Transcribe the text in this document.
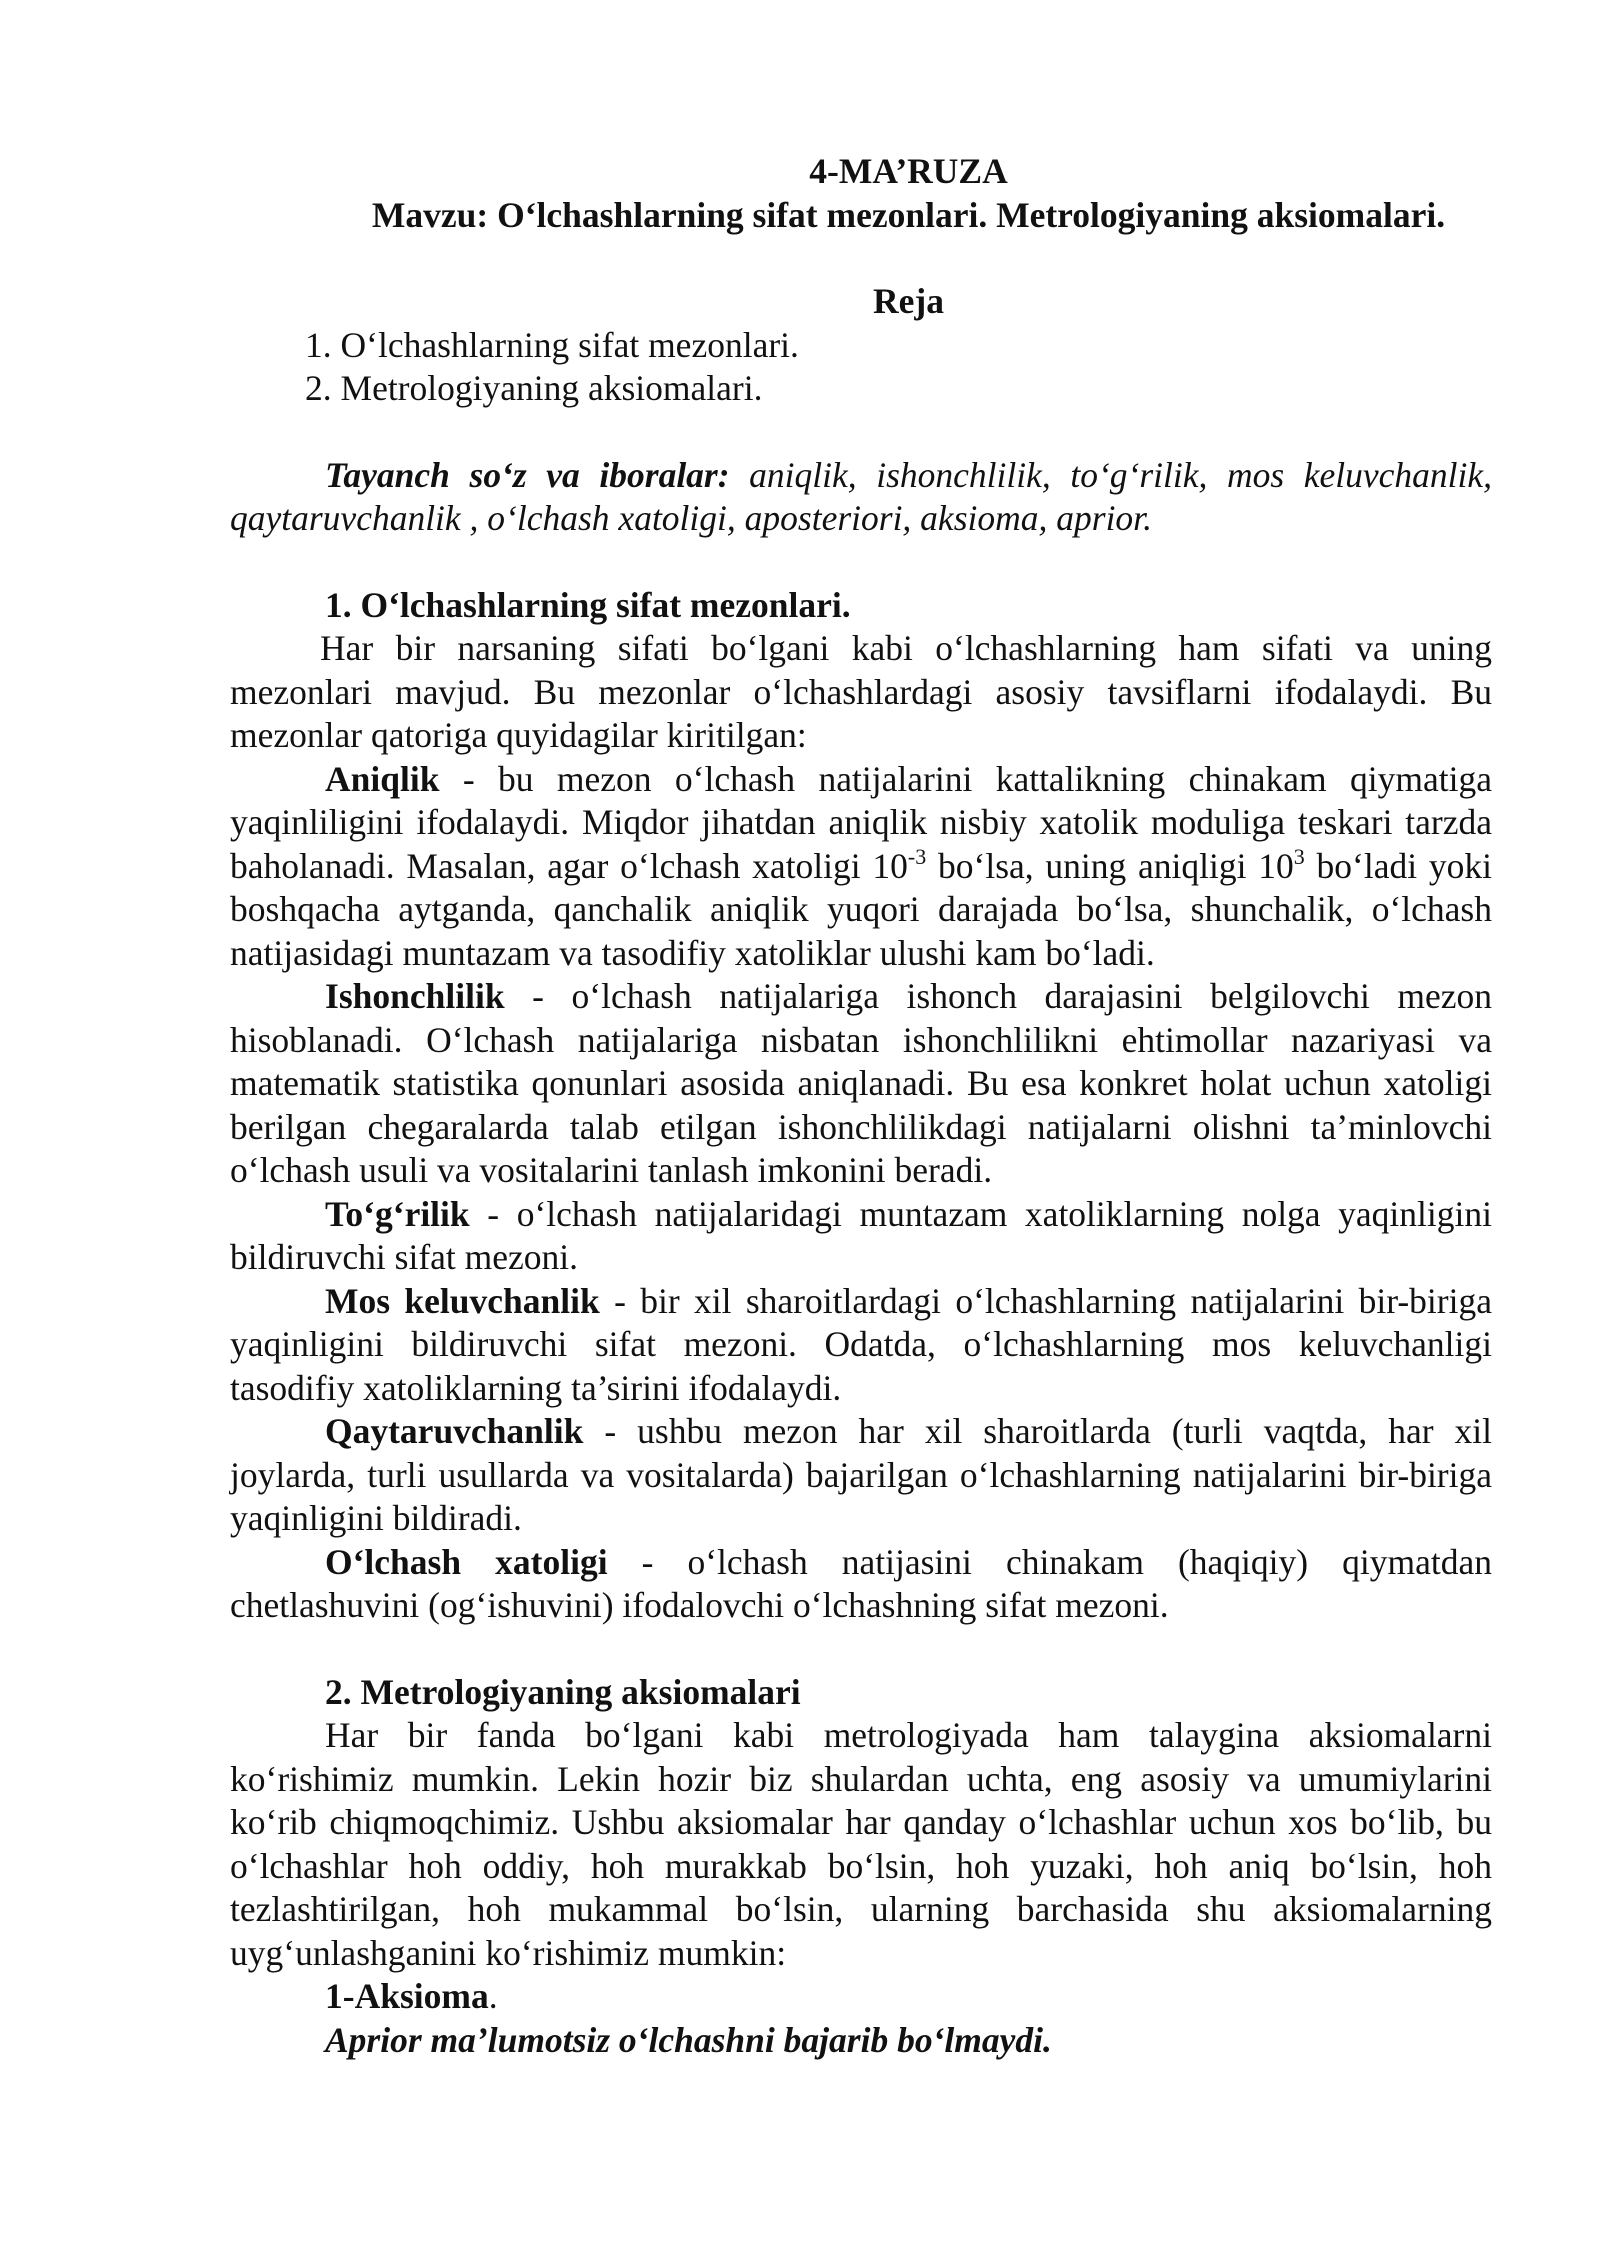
4-MA’RUZA
Mavzu: O‘lchashlarning sifat mezonlari. Metrologiyaning aksiomalari.
Reja
1. O‘lchashlarning sifat mezonlari.
2. Metrologiyaning aksiomalari.

Tayanch so‘z va iboralar: aniqlik, ishonchlilik, to‘g‘rilik, mos keluvchanlik, qaytaruvchanlik , o‘lchash xatoligi, aposteriori, aksioma, aprior.

1. O‘lchashlarning sifat mezonlari.

Har bir narsaning sifati bo‘lgani kabi o‘lchashlarning ham sifati va uning mezonlari mavjud. Bu mezonlar o‘lchashlardagi asosiy tavsiflarni ifodalaydi. Bu mezonlar qatoriga quyidagilar kiritilgan:

Aniqlik - bu mezon o‘lchash natijalarini kattalikning chinakam qiymatiga yaqinliligini ifodalaydi. Miqdor jihatdan aniqlik nisbiy xatolik moduliga teskari tarzda baholanadi. Masalan, agar o‘lchash xatoligi $10^{-3}$ bo‘lsa, uning aniqligi $10^3$ bo‘ladi yoki boshqacha aytganda, qanchalik aniqlik yuqori darajada bo‘lsa, shunchalik, o‘lchash natijasidagi muntazam va tasodifiy xatoliklar ulushi kam bo‘ladi.

Ishonchlilik - o‘lchash natijalariga ishonch darajasini belgilovchi mezon hisoblanadi. O‘lchash natijalariga nisbatan ishonchlilikni ehtimollar nazariyasi va matematik statistika qonunlari asosida aniqlanadi. Bu esa konkret holat uchun xatoligi berilgan chegaralarda talab etilgan ishonchlilikdagi natijalarni olishni ta’minlovchi o‘lchash usuli va vositalarini tanlash imkonini beradi.

To‘g‘rilik - o‘lchash natijalaridagi muntazam xatoliklarning nolga yaqinligini bildiruvchi sifat mezoni.

Mos keluvchanlik - bir xil sharoitlardagi o‘lchashlarning natijalarini bir-biriga yaqinligini bildiruvchi sifat mezoni. Odatda, o‘lchashlarning mos keluvchanligi tasodifiy xatoliklarning ta’sirini ifodalaydi.

Qaytaruvchanlik - ushbu mezon har xil sharoitlarda (turli vaqtda, har xil joylarda, turli usullarda va vositalarda) bajarilgan o‘lchashlarning natijalarini bir-biriga yaqinligini bildiradi.

O‘lchash xatoligi - o‘lchash natijasini chinakam (haqiqiy) qiymatdan chetlashuvini (og‘ishuvini) ifodalovchi o‘lchashning sifat mezoni.

2. Metrologiyaning aksiomalari

Har bir fanda bo‘lgani kabi metrologiyada ham talaygina aksiomalarni ko‘rishimiz mumkin. Lekin hozir biz shulardan uchta, eng asosiy va umumiylarini ko‘rib chiqmoqchimiz. Ushbu aksiomalar har qanday o‘lchashlar uchun xos bo‘lib, bu o‘lchashlar hoh oddiy, hoh murakkab bo‘lsin, hoh yuzaki, hoh aniq bo‘lsin, hoh tezlashtirilgan, hoh mukammal bo‘lsin, ularning barchasida shu aksiomalarning uyg‘unlashganini ko‘rishimiz mumkin:

1-Aksioma.
Aprior ma’lumotsiz o‘lchashni bajarib bo‘lmaydi.
